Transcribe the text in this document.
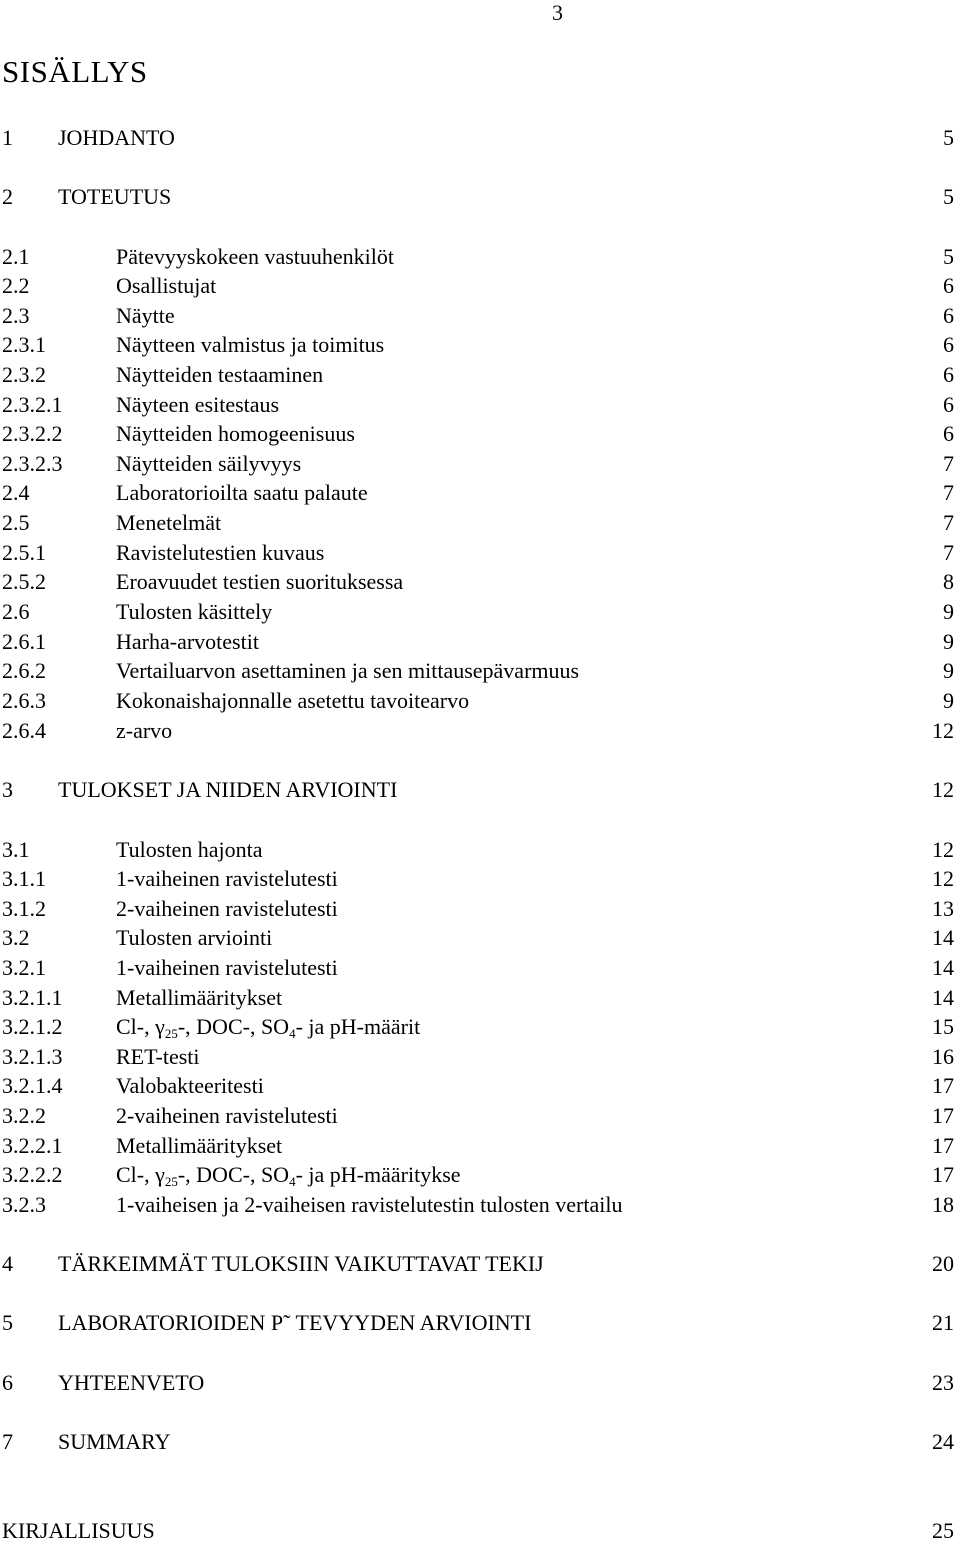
3
SISÄLLYS
1 JOHDANTO	5
2 TOTEUTUS	5
2.1	Pätevyyskokeen vastuuhenkilöt	5
2.2	Osallistujat	6
2.3	Näytte	6
2.3.1	Näytteen valmistus ja toimitus	6
2.3.2	Näytteiden testaaminen	6
2.3.2.1 Näyteen esitestaus	6
2.3.2.2 Näytteiden homogeenisuus	6
2.3.2.3 Näytteiden säilyvyys	7
2.4	Laboratorioilta saatu palaute	7
2.5	Menetelmät	7
2.5.1	Ravistelutestien kuvaus	7
2.5.2	Eroavuudet testien suorituksessa	8
2.6	Tulosten käsittely	9
2.6.1	Harha-arvotestit	9
2.6.2	Vertailuarvon asettaminen ja sen mittausepävarmuus	9
2.6.3	Kokonaishajonnalle asetettu tavoitearvo	9
2.6.4	z-arvo	12
3 TULOKSET JA NIIDEN ARVIOINTI	12
3.1	Tulosten hajonta	12
3.1.1	1-vaiheinen ravistelutesti	12
3.1.2	2-vaiheinen ravistelutesti	13
3.2	Tulosten arviointi	14
3.2.1	1-vaiheinen ravistelutesti	14
3.2.1.1 Metallimääritykset	14
3.2.1.2 Cl-, $\gamma_{25}-$, DOC-, $SO_4-$ ja pH-määrit	15
3.2.1.3 RET-testi	16
3.2.1.4 Valobakteeritesti	17
3.2.2	2-vaiheinen ravistelutesti	17
3.2.2.1 Metallimääritykset	17
3.2.2.2 Cl-, $\gamma_{25}-$, DOC-, $SO_4-$ ja pH-määritykse	17
3.2.3	1-vaiheisen ja 2-vaiheisen ravistelutestin tulosten vertailu	18
4 TÄRKEIMMÄT TULOKSIIN VAIKUTTAVAT TEKIJ	20
5 LABORATORIOIDEN P˜ TEVYYDEN ARVIOINTI	21
6 YHTEENVETO	23
7 SUMMARY	24
KIRJALLISUUS	25
